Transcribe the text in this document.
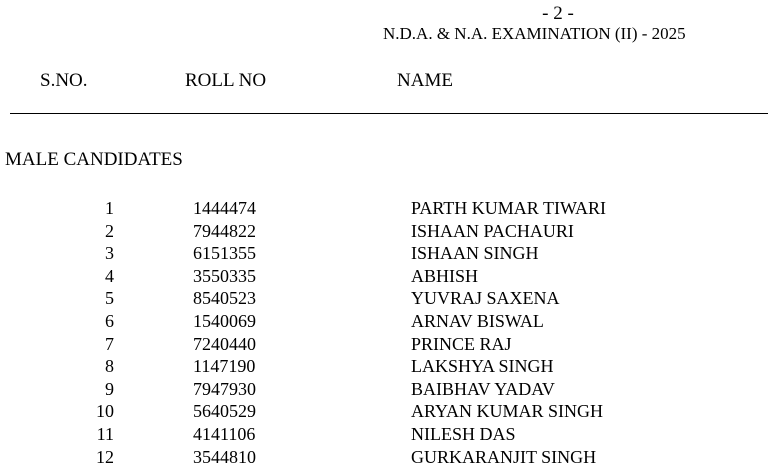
- 2 -
N.D.A. & N.A. EXAMINATION (II) - 2025
S.NO.	ROLL NO	NAME
MALE CANDIDATES
1	1444474	PARTH KUMAR TIWARI
2	7944822	ISHAAN PACHAURI
3	6151355	ISHAAN SINGH
4	3550335	ABHISH
5	8540523	YUVRAJ SAXENA
6	1540069	ARNAV BISWAL
7	7240440	PRINCE RAJ
8	1147190	LAKSHYA SINGH
9	7947930	BAIBHAV YADAV
10	5640529	ARYAN KUMAR SINGH
11	4141106	NILESH DAS
12	3544810	GURKARANJIT SINGH
